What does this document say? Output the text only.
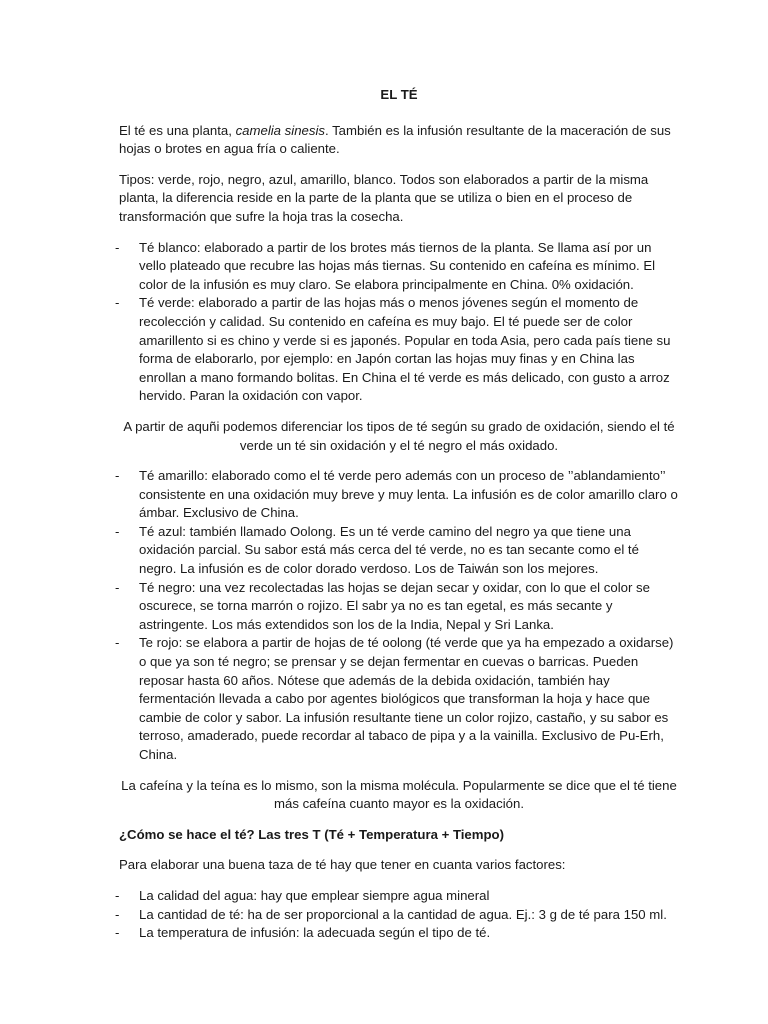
EL TÉ

El té es una planta, camelia sinesis. También es la infusión resultante de la maceración de sus hojas o brotes en agua fría o caliente.

Tipos: verde, rojo, negro, azul, amarillo, blanco. Todos son elaborados a partir de la misma planta, la diferencia reside en la parte de la planta que se utiliza o bien en el proceso de transformación que sufre la hoja tras la cosecha.

- Té blanco: elaborado a partir de los brotes más tiernos de la planta. Se llama así por un vello plateado que recubre las hojas más tiernas. Su contenido en cafeína es mínimo. El color de la infusión es muy claro. Se elabora principalmente en China. 0% oxidación.
- Té verde: elaborado a partir de las hojas más o menos jóvenes según el momento de recolección y calidad. Su contenido en cafeína es muy bajo. El té puede ser de color amarillento si es chino y verde si es japonés. Popular en toda Asia, pero cada país tiene su forma de elaborarlo, por ejemplo: en Japón cortan las hojas muy finas y en China las enrollan a mano formando bolitas. En China el té verde es más delicado, con gusto a arroz hervido. Paran la oxidación con vapor.

A partir de aquñi podemos diferenciar los tipos de té según su grado de oxidación, siendo el té verde un té sin oxidación y el té negro el más oxidado.

- Té amarillo: elaborado como el té verde pero además con un proceso de ’’ablandamiento’’ consistente en una oxidación muy breve y muy lenta. La infusión es de color amarillo claro o ámbar. Exclusivo de China.
- Té azul: también llamado Oolong. Es un té verde camino del negro ya que tiene una oxidación parcial. Su sabor está más cerca del té verde, no es tan secante como el té negro. La infusión es de color dorado verdoso. Los de Taiwán son los mejores.
- Té negro: una vez recolectadas las hojas se dejan secar y oxidar, con lo que el color se oscurece, se torna marrón o rojizo. El sabr ya no es tan egetal, es más secante y astringente. Los más extendidos son los de la India, Nepal y Sri Lanka.
- Te rojo: se elabora a partir de hojas de té oolong (té verde que ya ha empezado a oxidarse) o que ya son té negro; se prensar y se dejan fermentar en cuevas o barricas. Pueden reposar hasta 60 años. Nótese que además de la debida oxidación, también hay fermentación llevada a cabo por agentes biológicos que transforman la hoja y hace que cambie de color y sabor. La infusión resultante tiene un color rojizo, castaño, y su sabor es terroso, amaderado, puede recordar al tabaco de pipa y a la vainilla. Exclusivo de Pu-Erh, China.

La cafeína y la teína es lo mismo, son la misma molécula. Popularmente se dice que el té tiene más cafeína cuanto mayor es la oxidación.

¿Cómo se hace el té? Las tres T (Té + Temperatura + Tiempo)

Para elaborar una buena taza de té hay que tener en cuanta varios factores:

- La calidad del agua: hay que emplear siempre agua mineral
- La cantidad de té: ha de ser proporcional a la cantidad de agua. Ej.: 3 g de té para 150 ml.
- La temperatura de infusión: la adecuada según el tipo de té.
